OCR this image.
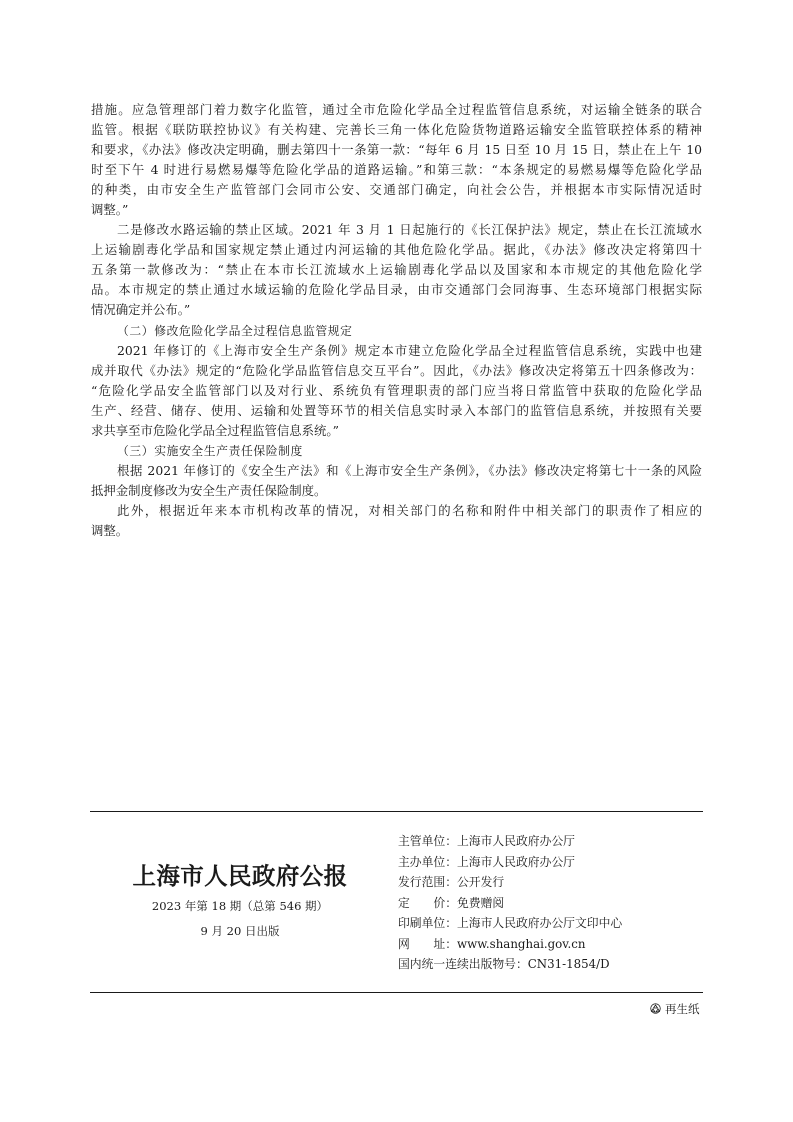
措施。应急管理部门着力数字化监管，通过全市危险化学品全过程监管信息系统，对运输全链条的联合
监管。根据《联防联控协议》有关构建、完善长三角一体化危险货物道路运输安全监管联控体系的精神
和要求，《办法》修改决定明确，删去第四十一条第一款：“每年 6 月 15 日至 10 月 15 日，禁止在上午 10
时至下午 4 时进行易燃易爆等危险化学品的道路运输。”和第三款：“本条规定的易燃易爆等危险化学品
的种类，由市安全生产监管部门会同市公安、交通部门确定，向社会公告，并根据本市实际情况适时
调整。”
二是修改水路运输的禁止区域。2021 年 3 月 1 日起施行的《长江保护法》规定，禁止在长江流域水
上运输剧毒化学品和国家规定禁止通过内河运输的其他危险化学品。据此，《办法》修改决定将第四十
五条第一款修改为：“禁止在本市长江流域水上运输剧毒化学品以及国家和本市规定的其他危险化学
品。本市规定的禁止通过水域运输的危险化学品目录，由市交通部门会同海事、生态环境部门根据实际
情况确定并公布。”
（二）修改危险化学品全过程信息监管规定
2021 年修订的《上海市安全生产条例》规定本市建立危险化学品全过程监管信息系统，实践中也建
成并取代《办法》规定的“危险化学品监管信息交互平台”。因此，《办法》修改决定将第五十四条修改为：
“危险化学品安全监管部门以及对行业、系统负有管理职责的部门应当将日常监管中获取的危险化学品
生产、经营、储存、使用、运输和处置等环节的相关信息实时录入本部门的监管信息系统，并按照有关要
求共享至市危险化学品全过程监管信息系统。”
（三）实施安全生产责任保险制度
根据 2021 年修订的《安全生产法》和《上海市安全生产条例》，《办法》修改决定将第七十一条的风险
抵押金制度修改为安全生产责任保险制度。
此外，根据近年来本市机构改革的情况，对相关部门的名称和附件中相关部门的职责作了相应的
调整。
上海市人民政府公报
2023 年第 18 期（总第 546 期）
9 月 20 日出版
主管单位：上海市人民政府办公厅
主办单位：上海市人民政府办公厅
发行范围：公开发行
定　　价：免费赠阅
印刷单位：上海市人民政府办公厅文印中心
网　　址：www.shanghai.gov.cn
国内统一连续出版物号：CN31-1854/D
再生纸
